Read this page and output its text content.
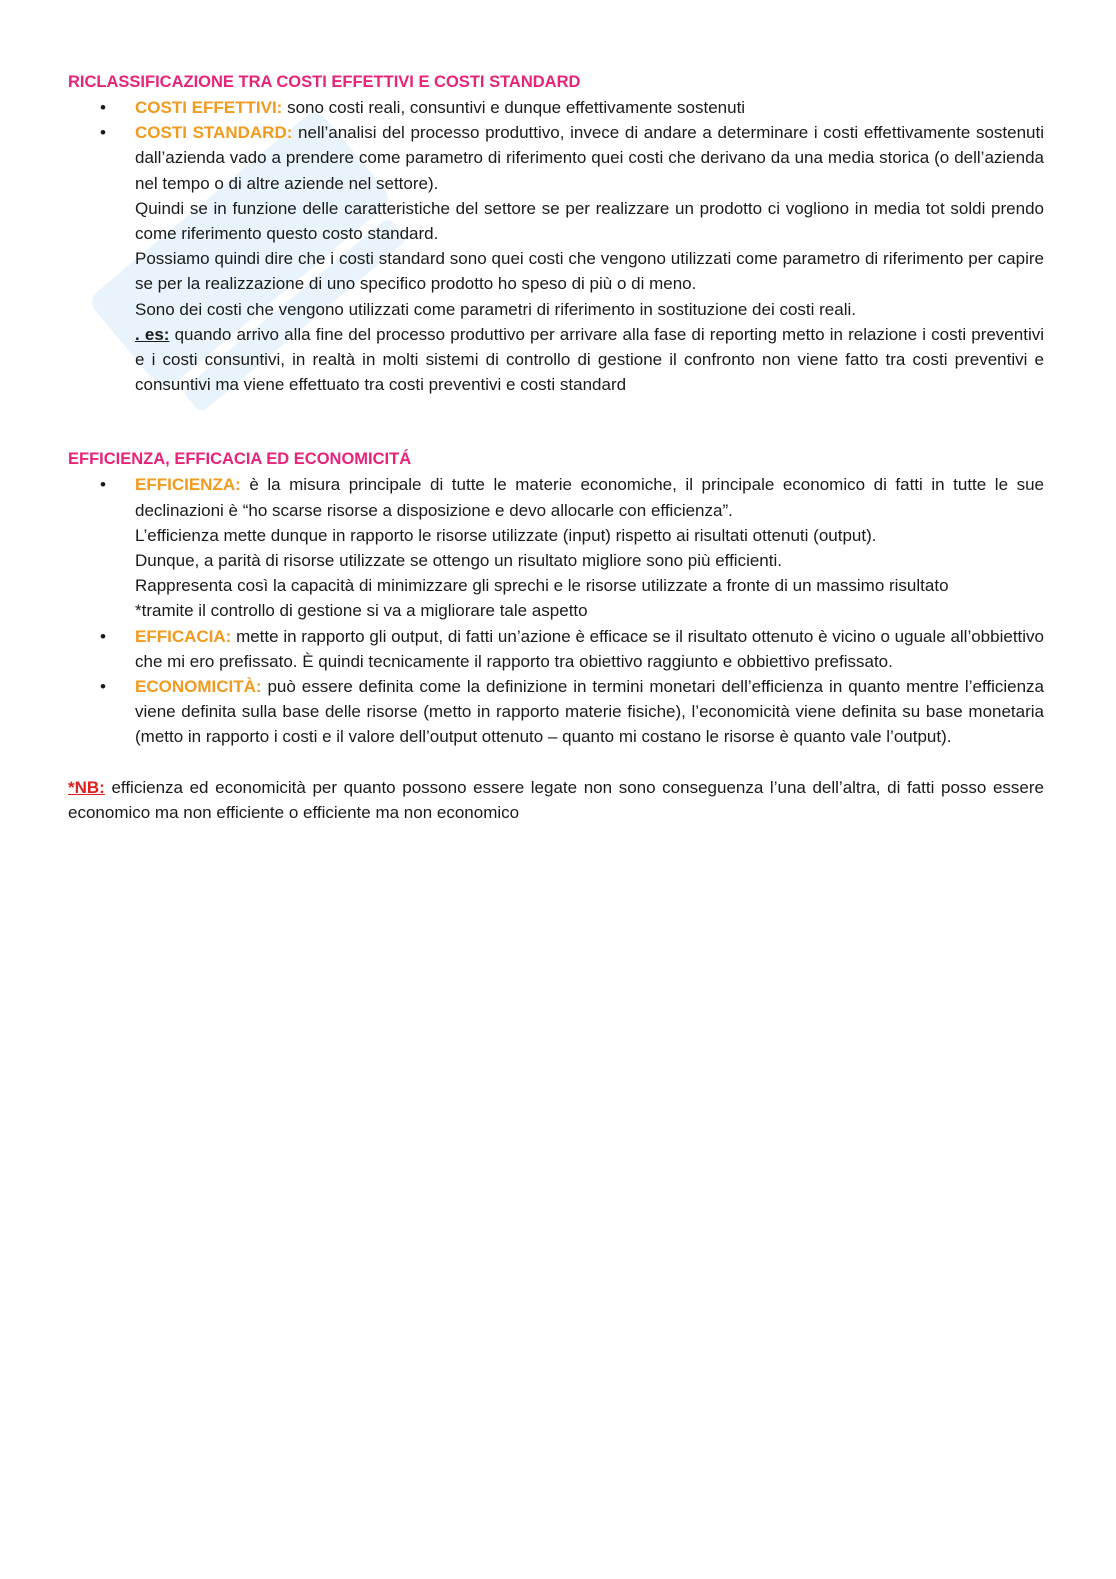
RICLASSIFICAZIONE TRA COSTI EFFETTIVI E COSTI STANDARD
• COSTI EFFETTIVI: sono costi reali, consuntivi e dunque effettivamente sostenuti
• COSTI STANDARD: nell’analisi del processo produttivo, invece di andare a determinare i costi effettivamente sostenuti dall’azienda vado a prendere come parametro di riferimento quei costi che derivano da una media storica (o dell’azienda nel tempo o di altre aziende nel settore).
Quindi se in funzione delle caratteristiche del settore se per realizzare un prodotto ci vogliono in media tot soldi prendo come riferimento questo costo standard.
Possiamo quindi dire che i costi standard sono quei costi che vengono utilizzati come parametro di riferimento per capire se per la realizzazione di uno specifico prodotto ho speso di più o di meno.
Sono dei costi che vengono utilizzati come parametri di riferimento in sostituzione dei costi reali.
. es: quando arrivo alla fine del processo produttivo per arrivare alla fase di reporting metto in relazione i costi preventivi e i costi consuntivi, in realtà in molti sistemi di controllo di gestione il confronto non viene fatto tra costi preventivi e consuntivi ma viene effettuato tra costi preventivi e costi standard
EFFICIENZA, EFFICACIA ED ECONOMICITÁ
• EFFICIENZA: è la misura principale di tutte le materie economiche, il principale economico di fatti in tutte le sue declinazioni è “ho scarse risorse a disposizione e devo allocarle con efficienza”.
L’efficienza mette dunque in rapporto le risorse utilizzate (input) rispetto ai risultati ottenuti (output).
Dunque, a parità di risorse utilizzate se ottengo un risultato migliore sono più efficienti.
Rappresenta così la capacità di minimizzare gli sprechi e le risorse utilizzate a fronte di un massimo risultato
*tramite il controllo di gestione si va a migliorare tale aspetto
• EFFICACIA: mette in rapporto gli output, di fatti un’azione è efficace se il risultato ottenuto è vicino o uguale all’obbiettivo che mi ero prefissato. È quindi tecnicamente il rapporto tra obiettivo raggiunto e obbiettivo prefissato.
• ECONOMICITÀ: può essere definita come la definizione in termini monetari dell’efficienza in quanto mentre l’efficienza viene definita sulla base delle risorse (metto in rapporto materie fisiche), l’economicità viene definita su base monetaria (metto in rapporto i costi e il valore dell’output ottenuto – quanto mi costano le risorse è quanto vale l’output).

*NB: efficienza ed economicità per quanto possono essere legate non sono conseguenza l’una dell’altra, di fatti posso essere economico ma non efficiente o efficiente ma non economico
